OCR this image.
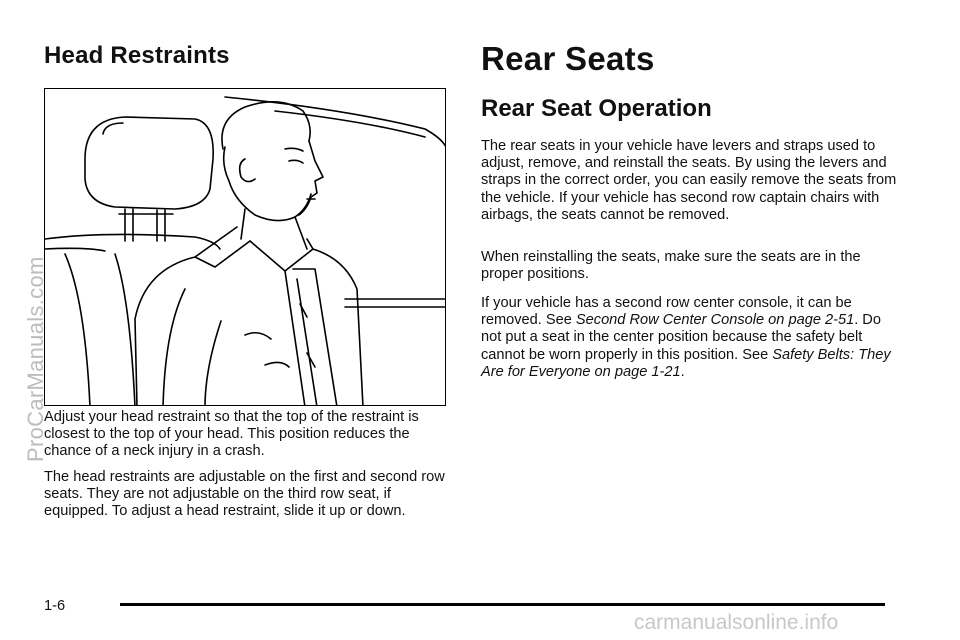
Head Restraints

Adjust your head restraint so that the top of the restraint is closest to the top of your head. This position reduces the chance of a neck injury in a crash.

The head restraints are adjustable on the first and second row seats. They are not adjustable on the third row seat, if equipped. To adjust a head restraint, slide it up or down.

Rear Seats
Rear Seat Operation

The rear seats in your vehicle have levers and straps used to adjust, remove, and reinstall the seats. By using the levers and straps in the correct order, you can easily remove the seats from the vehicle. If your vehicle has second row captain chairs with airbags, the seats cannot be removed.

When reinstalling the seats, make sure the seats are in the proper positions.

If your vehicle has a second row center console, it can be removed. See Second Row Center Console on page 2-51. Do not put a seat in the center position because the safety belt cannot be worn properly in this position. See Safety Belts: They Are for Everyone on page 1-21.

1-6
ProCarManuals.com
carmanualsonline.info
